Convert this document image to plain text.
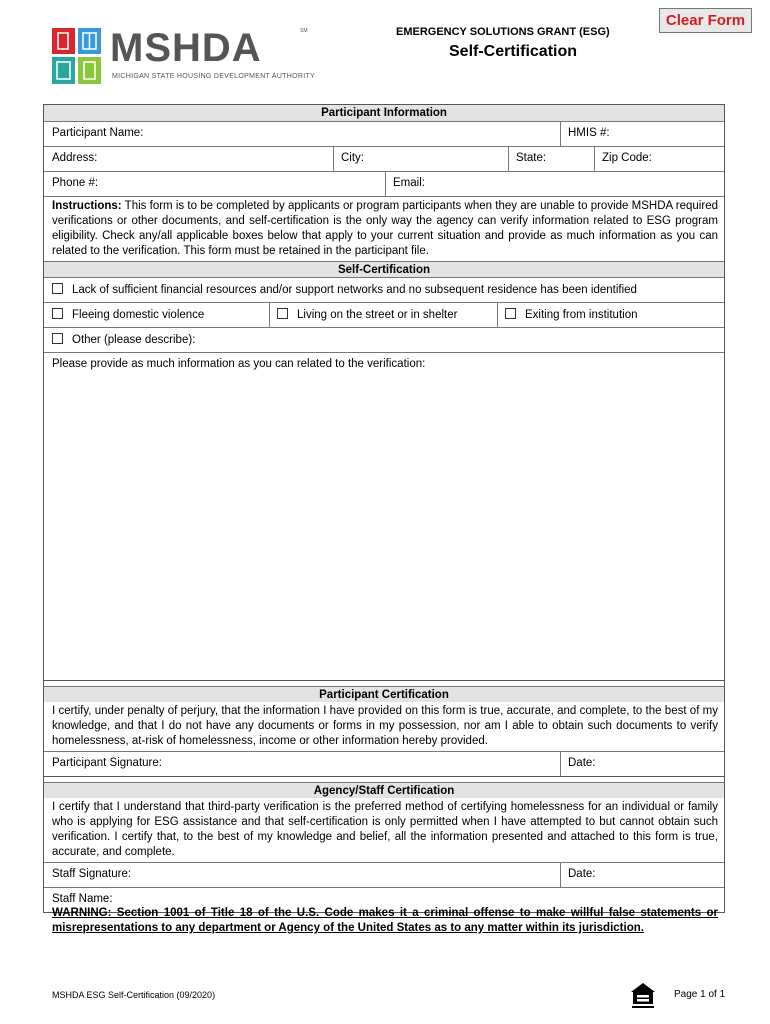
MSHDA	SM
MICHIGAN STATE HOUSING DEVELOPMENT AUTHORITY
EMERGENCY SOLUTIONS GRANT (ESG)
Self-Certification
Clear Form
Participant Information
Participant Name:	HMIS #:
Address:	City:	State:	Zip Code:
Phone #:	Email:
Instructions: This form is to be completed by applicants or program participants when they are unable to provide MSHDA required verifications or other documents, and self-certification is the only way the agency can verify information related to ESG program eligibility. Check any/all applicable boxes below that apply to your current situation and provide as much information as you can related to the verification. This form must be retained in the participant file.
Self-Certification
Lack of sufficient financial resources and/or support networks and no subsequent residence has been identified
Fleeing domestic violence	Living on the street or in shelter	Exiting from institution
Other (please describe):
Please provide as much information as you can related to the verification:
Participant Certification
I certify, under penalty of perjury, that the information I have provided on this form is true, accurate, and complete, to the best of my knowledge, and that I do not have any documents or forms in my possession, nor am I able to obtain such documents to verify homelessness, at-risk of homelessness, income or other information hereby provided.
Participant Signature:	Date:
Agency/Staff Certification
I certify that I understand that third-party verification is the preferred method of certifying homelessness for an individual or family who is applying for ESG assistance and that self-certification is only permitted when I have attempted to but cannot obtain such verification. I certify that, to the best of my knowledge and belief, all the information presented and attached to this form is true, accurate, and complete.
Staff Signature:	Date:
Staff Name:
WARNING: Section 1001 of Title 18 of the U.S. Code makes it a criminal offense to make willful false statements or misrepresentations to any department or Agency of the United States as to any matter within its jurisdiction.
MSHDA ESG Self-Certification (09/2020)	Page 1 of 1
